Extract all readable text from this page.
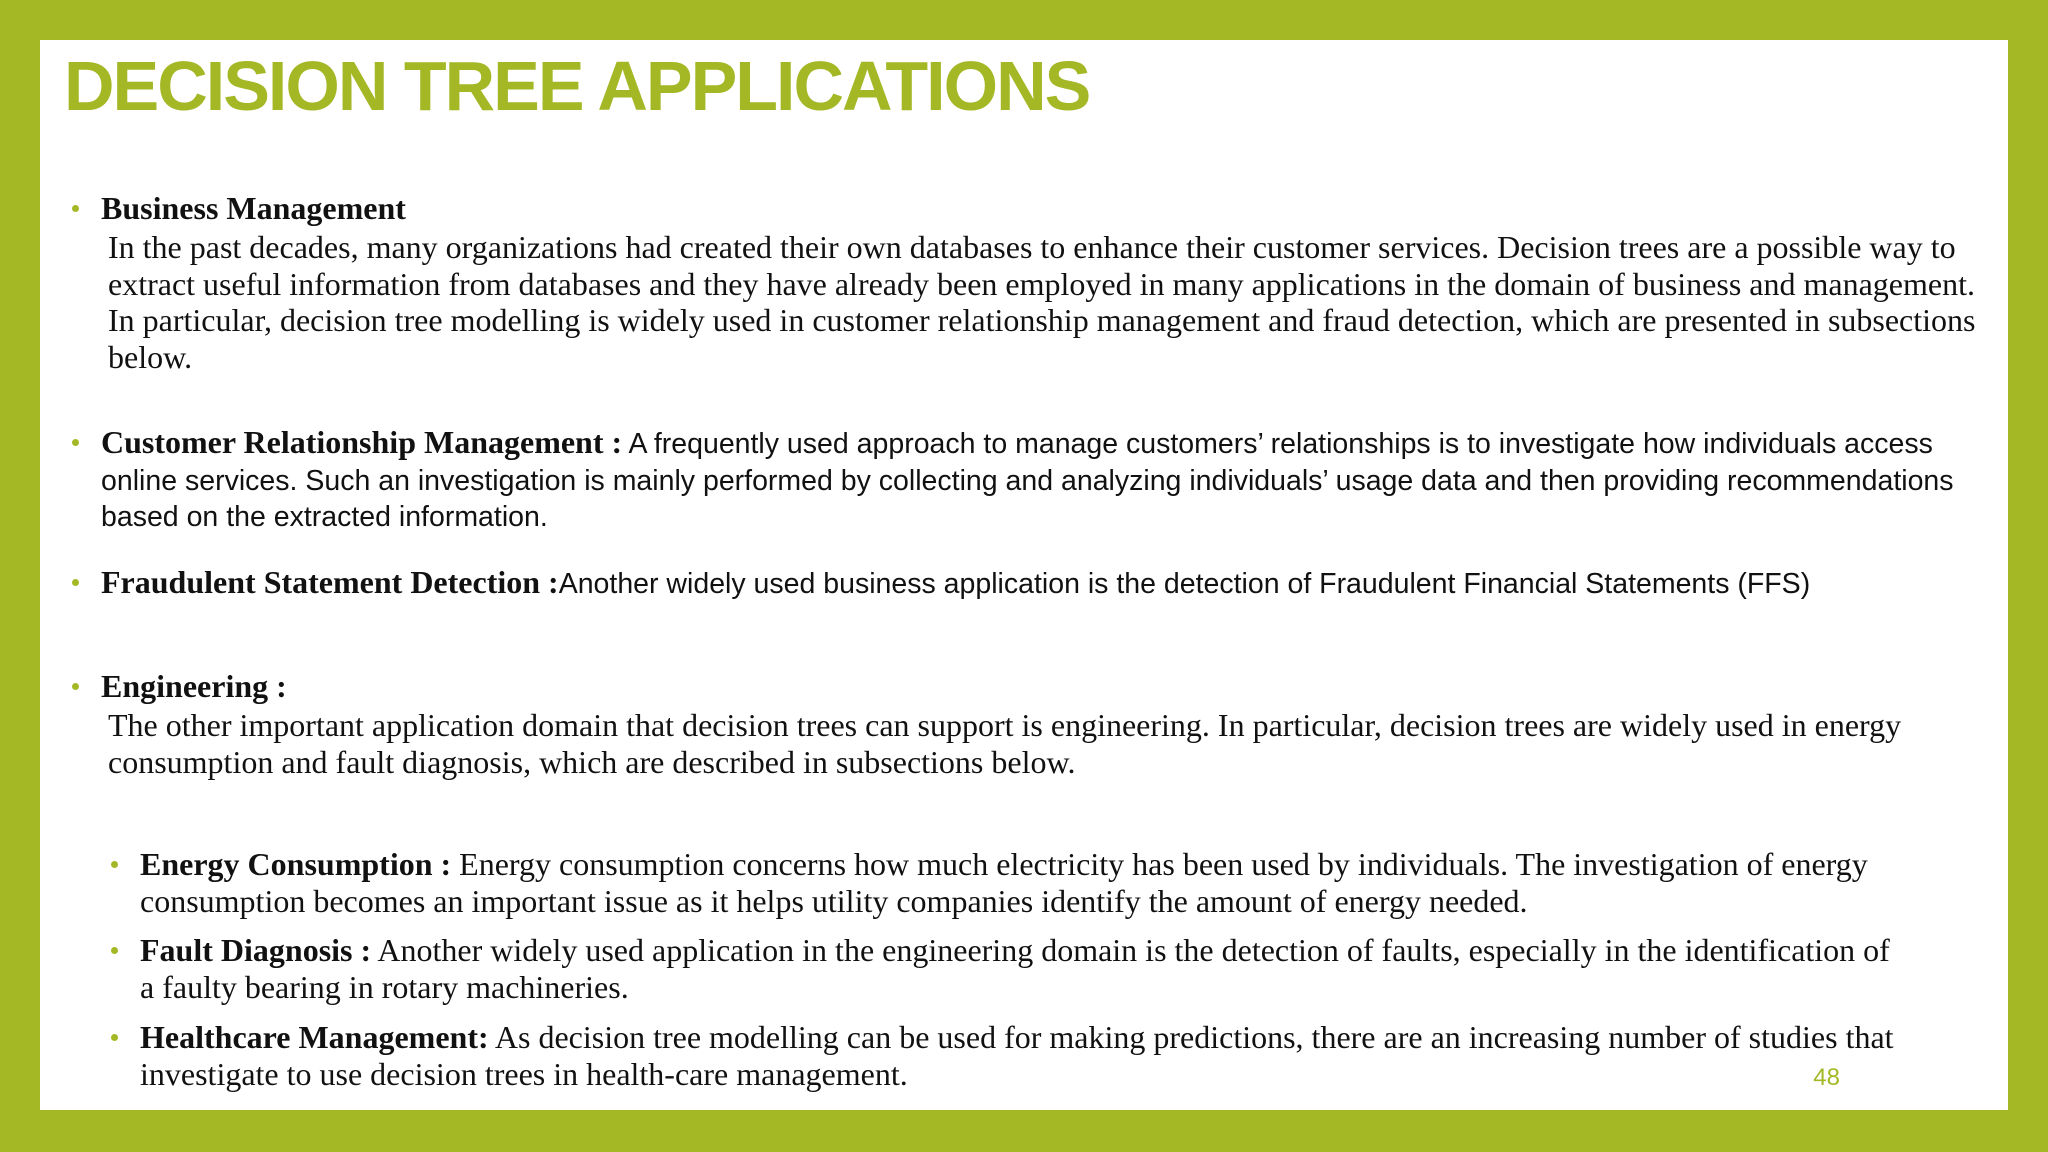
DECISION TREE APPLICATIONS
Business Management

In the past decades, many organizations had created their own databases to enhance their customer services. Decision trees are a possible way to extract useful information from databases and they have already been employed in many applications in the domain of business and management. In particular, decision tree modelling is widely used in customer relationship management and fraud detection, which are presented in subsections below.

Customer Relationship Management : A frequently used approach to manage customers’ relationships is to investigate how individuals access online services. Such an investigation is mainly performed by collecting and analyzing individuals’ usage data and then providing recommendations based on the extracted information.

Fraudulent Statement Detection :Another widely used business application is the detection of Fraudulent Financial Statements (FFS)

Engineering :

The other important application domain that decision trees can support is engineering. In particular, decision trees are widely used in energy consumption and fault diagnosis, which are described in subsections below.

Energy Consumption : Energy consumption concerns how much electricity has been used by individuals. The investigation of energy consumption becomes an important issue as it helps utility companies identify the amount of energy needed.

Fault Diagnosis : Another widely used application in the engineering domain is the detection of faults, especially in the identification of a faulty bearing in rotary machineries.

Healthcare Management: As decision tree modelling can be used for making predictions, there are an increasing number of studies that investigate to use decision trees in health-care management.	48
